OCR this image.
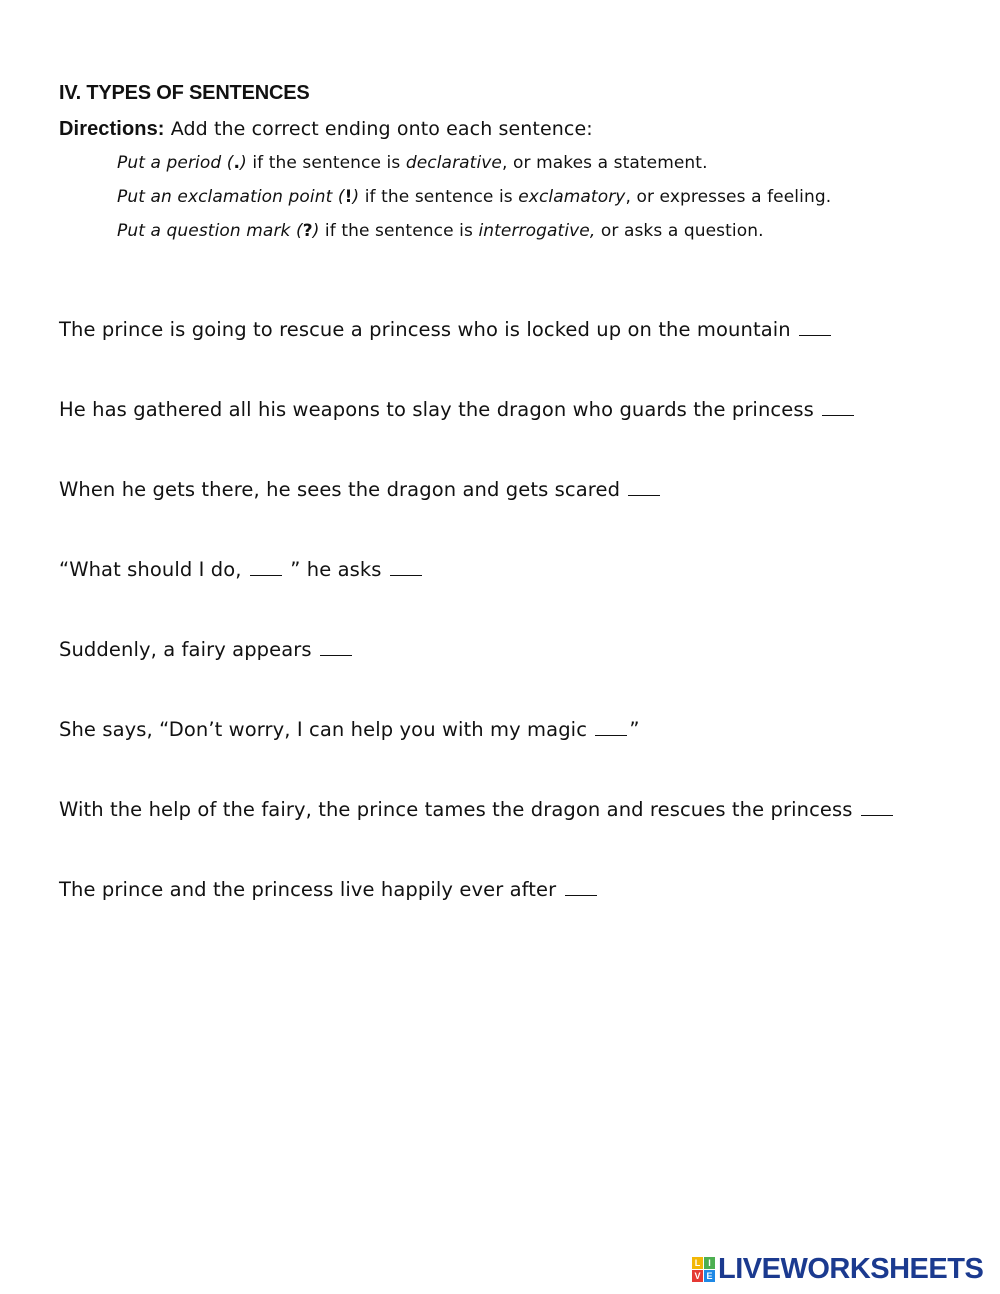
IV. TYPES OF SENTENCES
Directions: Add the correct ending onto each sentence:
Put a period (.) if the sentence is declarative, or makes a statement.
Put an exclamation point (!) if the sentence is exclamatory, or expresses a feeling.
Put a question mark (?) if the sentence is interrogative, or asks a question.
The prince is going to rescue a princess who is locked up on the mountain
He has gathered all his weapons to slay the dragon who guards the princess
When he gets there, he sees the dragon and gets scared
“What should I do, ” he asks
Suddenly, a fairy appears
She says, “Don’t worry, I can help you with my magic ”
With the help of the fairy, the prince tames the dragon and rescues the princess
The prince and the princess live happily ever after
L I
V E LIVEWORKSHEETS
